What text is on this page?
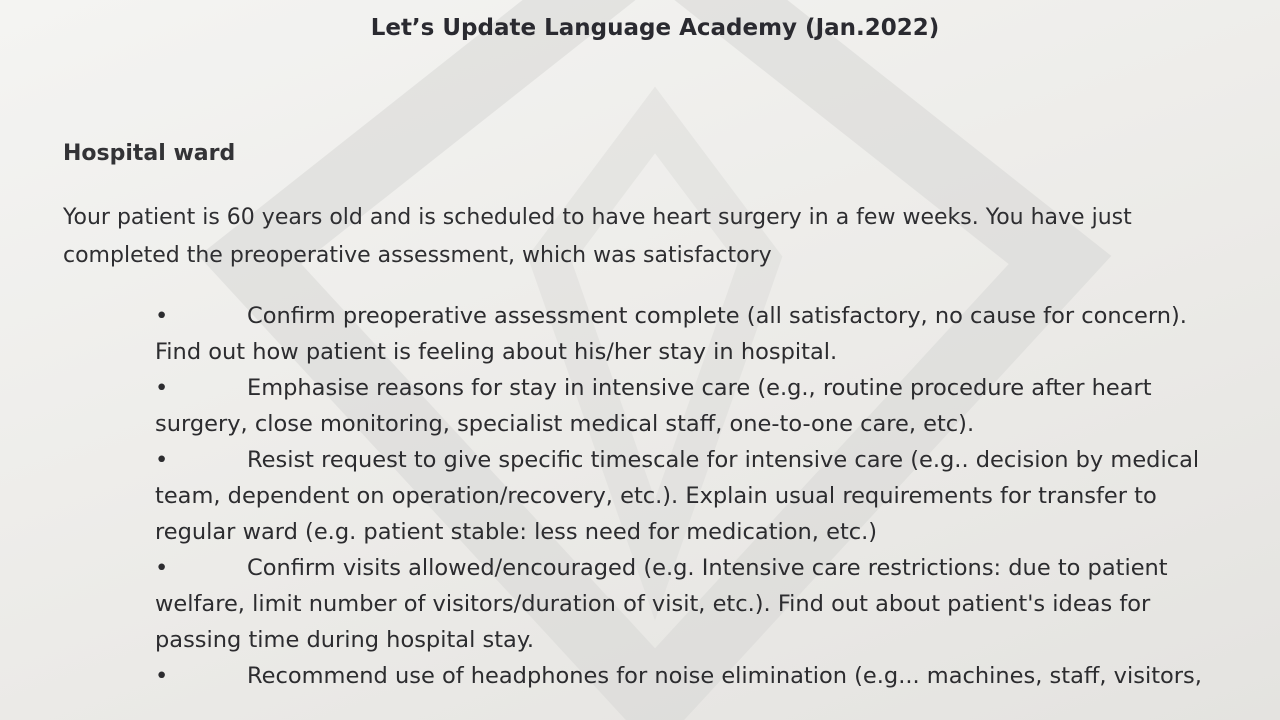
Let’s Update Language Academy (Jan.2022)
Hospital ward
Your patient is 60 years old and is scheduled to have heart surgery in a few weeks. You have just
completed the preoperative assessment, which was satisfactory
•	Confirm preoperative assessment complete (all satisfactory, no cause for concern).
Find out how patient is feeling about his/her stay in hospital.
•	Emphasise reasons for stay in intensive care (e.g., routine procedure after heart
surgery, close monitoring, specialist medical staff, one-to-one care, etc).
•	Resist request to give specific timescale for intensive care (e.g.. decision by medical
team, dependent on operation/recovery, etc.). Explain usual requirements for transfer to
regular ward (e.g. patient stable: less need for medication, etc.)
•	Confirm visits allowed/encouraged (e.g. Intensive care restrictions: due to patient
welfare, limit number of visitors/duration of visit, etc.). Find out about patient's ideas for
passing time during hospital stay.
•	Recommend use of headphones for noise elimination (e.g... machines, staff, visitors,
